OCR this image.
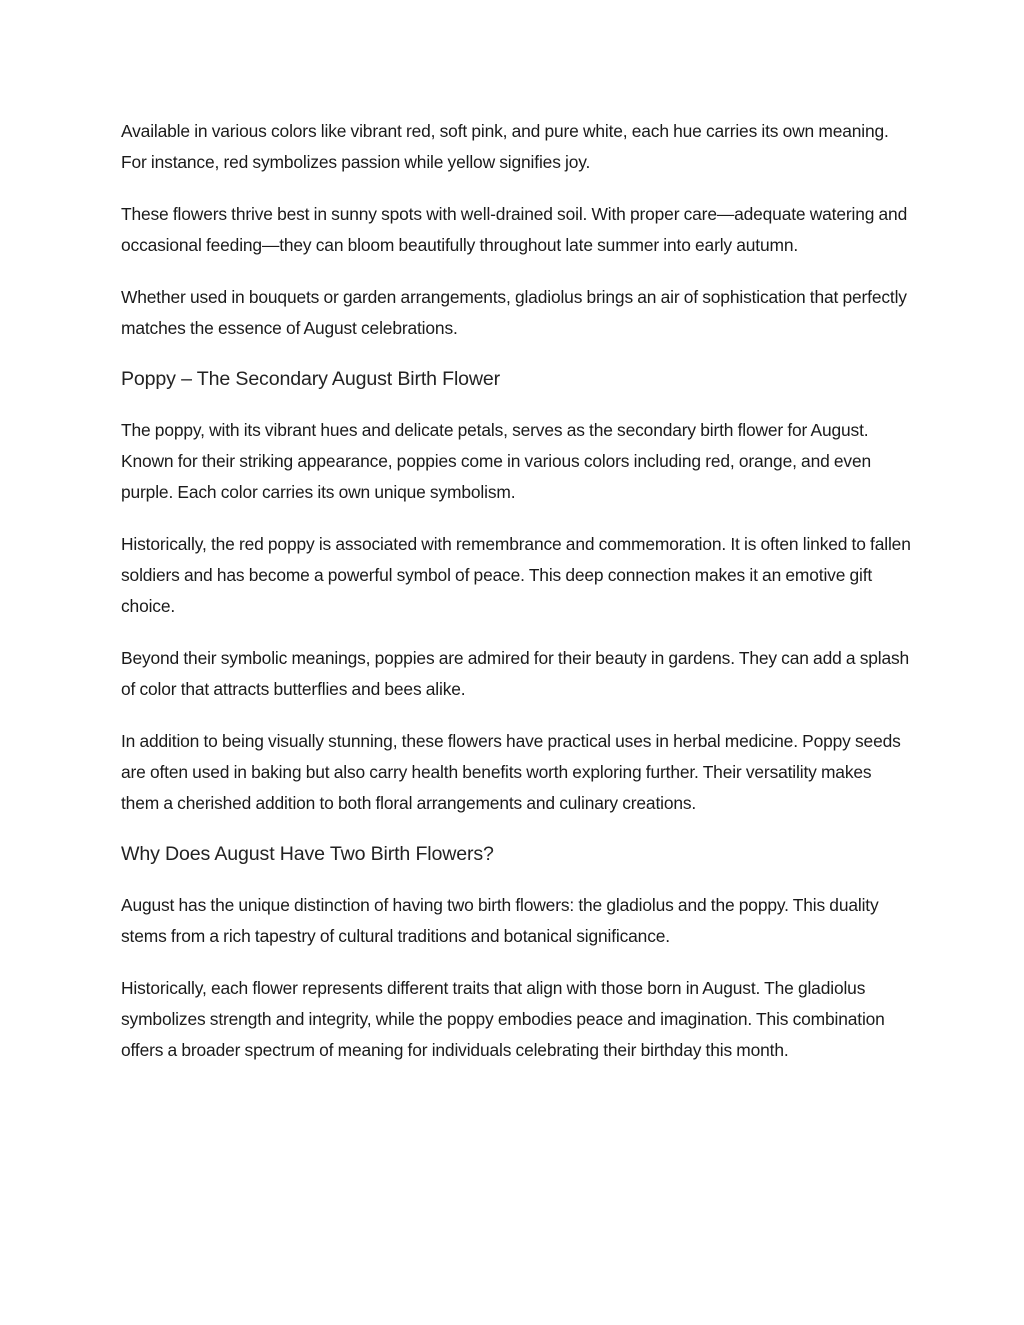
Available in various colors like vibrant red, soft pink, and pure white, each hue carries its own meaning. For instance, red symbolizes passion while yellow signifies joy.

These flowers thrive best in sunny spots with well-drained soil. With proper care—adequate watering and occasional feeding—they can bloom beautifully throughout late summer into early autumn.

Whether used in bouquets or garden arrangements, gladiolus brings an air of sophistication that perfectly matches the essence of August celebrations.

Poppy – The Secondary August Birth Flower

The poppy, with its vibrant hues and delicate petals, serves as the secondary birth flower for August. Known for their striking appearance, poppies come in various colors including red, orange, and even purple. Each color carries its own unique symbolism.

Historically, the red poppy is associated with remembrance and commemoration. It is often linked to fallen soldiers and has become a powerful symbol of peace. This deep connection makes it an emotive gift choice.

Beyond their symbolic meanings, poppies are admired for their beauty in gardens. They can add a splash of color that attracts butterflies and bees alike.

In addition to being visually stunning, these flowers have practical uses in herbal medicine. Poppy seeds are often used in baking but also carry health benefits worth exploring further. Their versatility makes them a cherished addition to both floral arrangements and culinary creations.

Why Does August Have Two Birth Flowers?

August has the unique distinction of having two birth flowers: the gladiolus and the poppy. This duality stems from a rich tapestry of cultural traditions and botanical significance.

Historically, each flower represents different traits that align with those born in August. The gladiolus symbolizes strength and integrity, while the poppy embodies peace and imagination. This combination offers a broader spectrum of meaning for individuals celebrating their birthday this month.
